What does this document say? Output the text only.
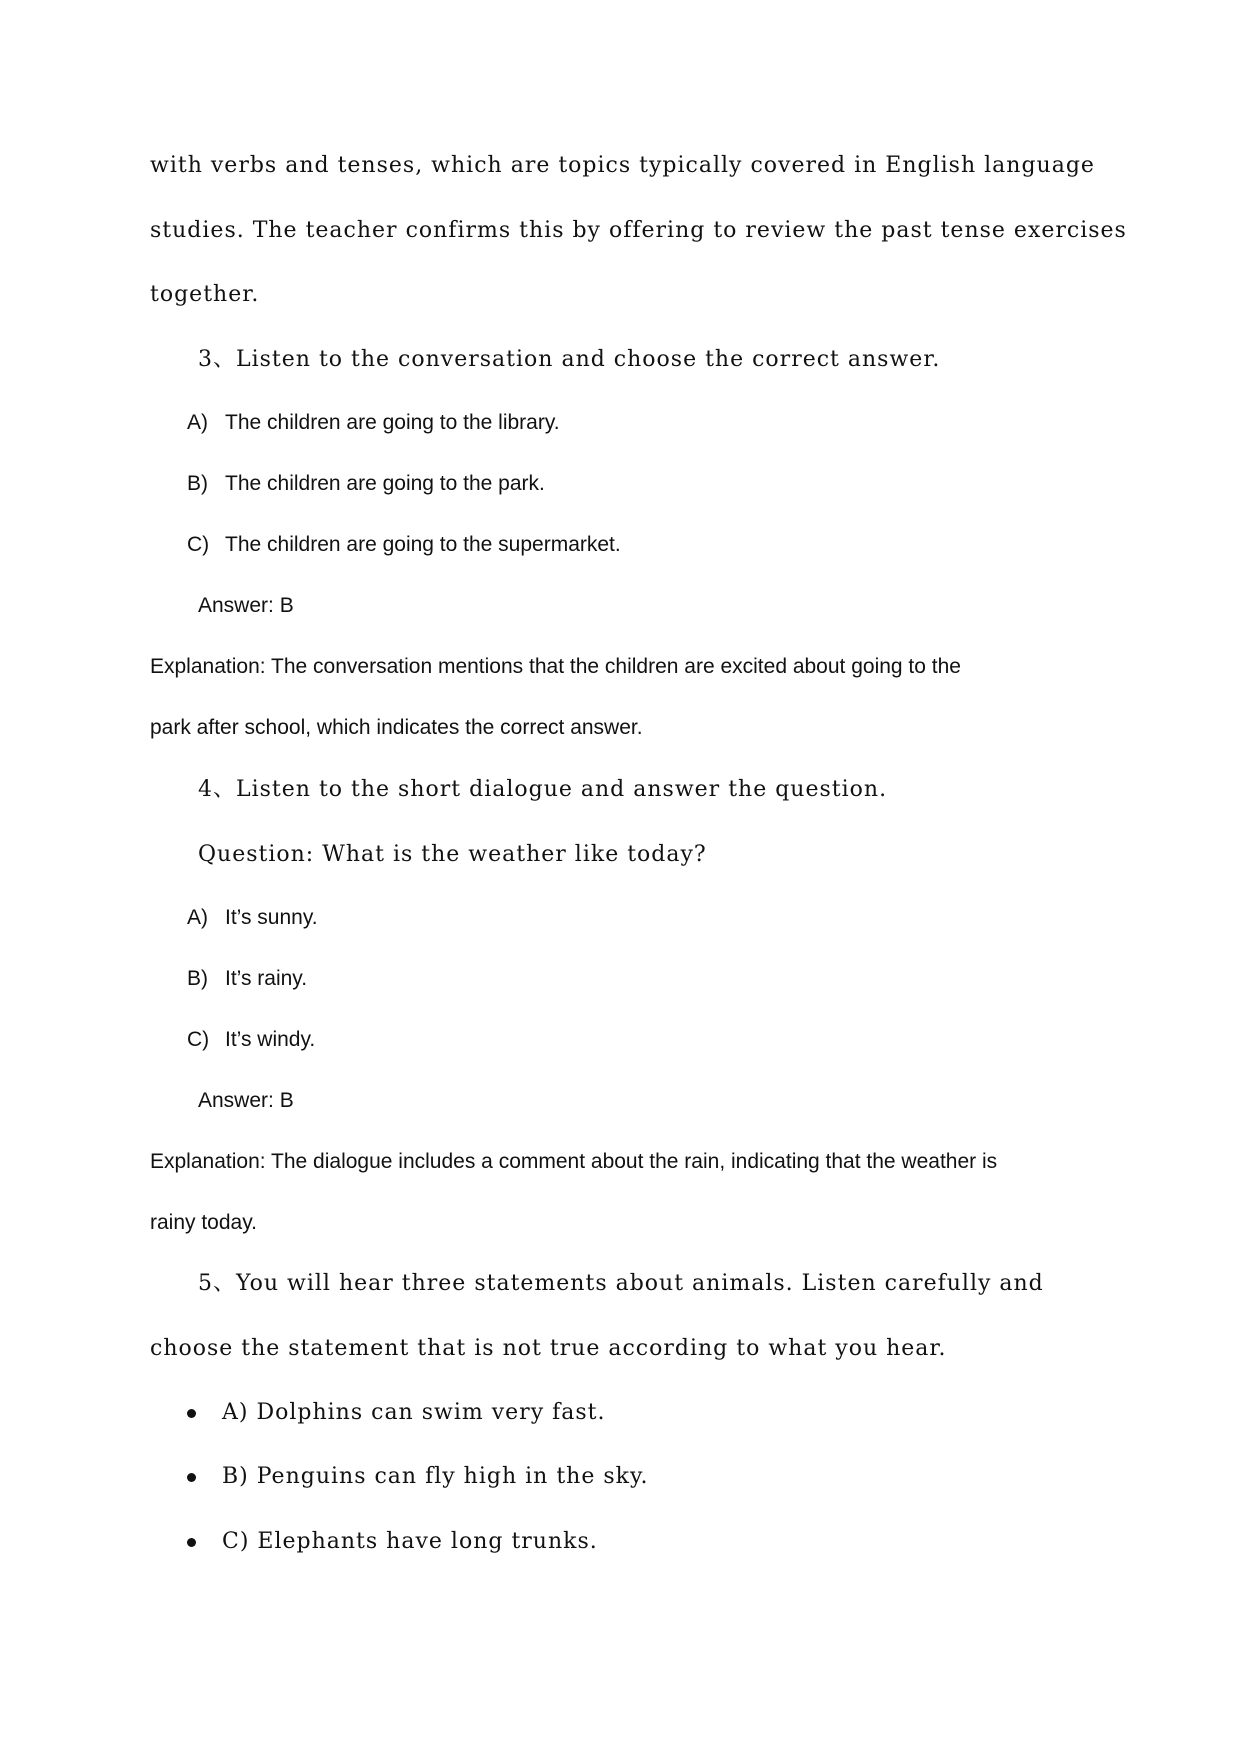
with verbs and tenses, which are topics typically covered in English language
studies. The teacher confirms this by offering to review the past tense exercises
together.
3、Listen to the conversation and choose the correct answer.
A) The children are going to the library.
B) The children are going to the park.
C) The children are going to the supermarket.
Answer: B
Explanation: The conversation mentions that the children are excited about going to the
park after school, which indicates the correct answer.
4、Listen to the short dialogue and answer the question.
Question: What is the weather like today?
A) It’s sunny.
B) It’s rainy.
C) It’s windy.
Answer: B
Explanation: The dialogue includes a comment about the rain, indicating that the weather is
rainy today.
5、You will hear three statements about animals. Listen carefully and
choose the statement that is not true according to what you hear.
A) Dolphins can swim very fast.
B) Penguins can fly high in the sky.
C) Elephants have long trunks.
